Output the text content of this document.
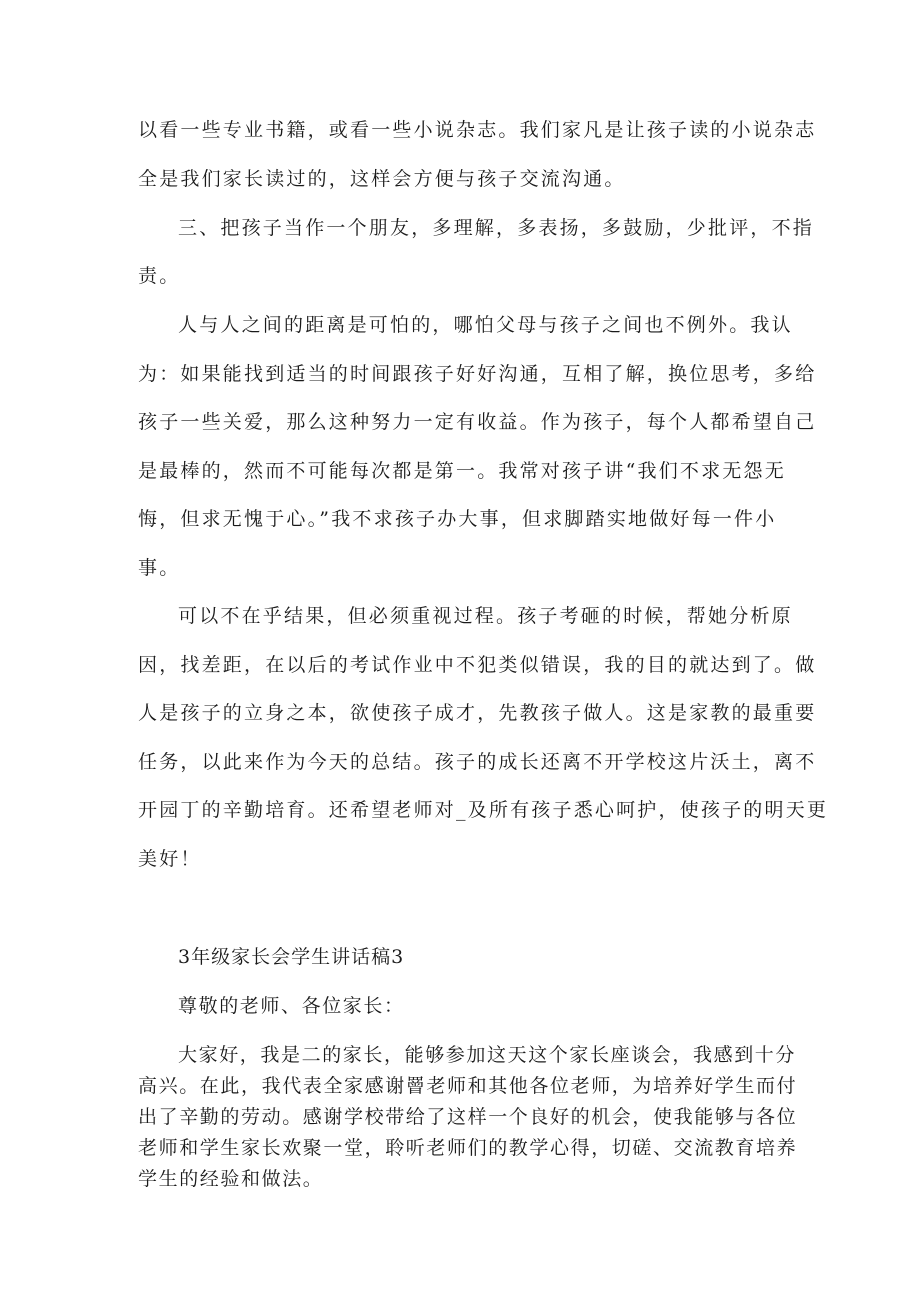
以看一些专业书籍，或看一些小说杂志。我们家凡是让孩子读的小说杂志
全是我们家长读过的，这样会方便与孩子交流沟通。
三、把孩子当作一个朋友，多理解，多表扬，多鼓励，少批评，不指
责。
人与人之间的距离是可怕的，哪怕父母与孩子之间也不例外。我认
为：如果能找到适当的时间跟孩子好好沟通，互相了解，换位思考，多给
孩子一些关爱，那么这种努力一定有收益。作为孩子，每个人都希望自己
是最棒的，然而不可能每次都是第一。我常对孩子讲“我们不求无怨无
悔，但求无愧于心。”我不求孩子办大事，但求脚踏实地做好每一件小
事。
可以不在乎结果，但必须重视过程。孩子考砸的时候，帮她分析原
因，找差距，在以后的考试作业中不犯类似错误，我的目的就达到了。做
人是孩子的立身之本，欲使孩子成才，先教孩子做人。这是家教的最重要
任务，以此来作为今天的总结。孩子的成长还离不开学校这片沃土，离不
开园丁的辛勤培育。还希望老师对_及所有孩子悉心呵护，使孩子的明天更
美好！
3年级家长会学生讲话稿3
尊敬的老师、各位家长：
大家好，我是二的家长，能够参加这天这个家长座谈会，我感到十分
高兴。在此，我代表全家感谢罾老师和其他各位老师，为培养好学生而付
出了辛勤的劳动。感谢学校带给了这样一个良好的机会，使我能够与各位
老师和学生家长欢聚一堂，聆听老师们的教学心得，切磋、交流教育培养
学生的经验和做法。
